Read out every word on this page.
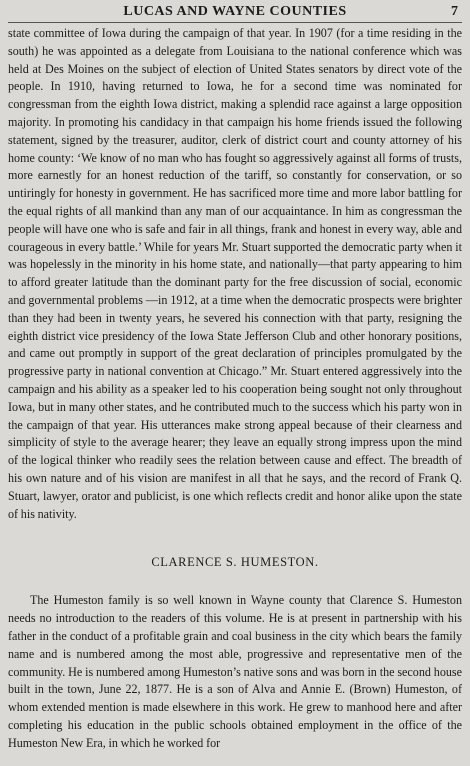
LUCAS AND WAYNE COUNTIES	7

state committee of Iowa during the campaign of that year. In 1907 (for a time residing in the south) he was appointed as a delegate from Louisiana to the national conference which was held at Des Moines on the subject of election of United States senators by direct vote of the people. In 1910, having returned to Iowa, he for a second time was nominated for congressman from the eighth Iowa district, making a splendid race against a large opposition majority. In promoting his candidacy in that campaign his home friends issued the following statement, signed by the treasurer, auditor, clerk of district court and county attorney of his home county: ‘We know of no man who has fought so aggressively against all forms of trusts, more earnestly for an honest reduction of the tariff, so constantly for conservation, or so untiringly for honesty in government. He has sacrificed more time and more labor battling for the equal rights of all mankind than any man of our acquaintance. In him as congressman the people will have one who is safe and fair in all things, frank and honest in every way, able and courageous in every battle.’ While for years Mr. Stuart supported the democratic party when it was hopelessly in the minority in his home state, and nationally—that party appearing to him to afford greater latitude than the dominant party for the free discussion of social, economic and governmental problems —in 1912, at a time when the democratic prospects were brighter than they had been in twenty years, he severed his connection with that party, resigning the eighth district vice presidency of the Iowa State Jefferson Club and other honorary positions, and came out promptly in support of the great declaration of principles promulgated by the progressive party in national convention at Chicago.” Mr. Stuart entered aggressively into the campaign and his ability as a speaker led to his cooperation being sought not only throughout Iowa, but in many other states, and he contributed much to the success which his party won in the campaign of that year. His utterances make strong appeal because of their clearness and simplicity of style to the average hearer; they leave an equally strong impress upon the mind of the logical thinker who readily sees the relation between cause and effect. The breadth of his own nature and of his vision are manifest in all that he says, and the record of Frank Q. Stuart, lawyer, orator and publicist, is one which reflects credit and honor alike upon the state of his nativity.

CLARENCE S. HUMESTON.

The Humeston family is so well known in Wayne county that Clarence S. Humeston needs no introduction to the readers of this volume. He is at present in partnership with his father in the conduct of a profitable grain and coal business in the city which bears the family name and is numbered among the most able, progressive and representative men of the community. He is numbered among Humeston’s native sons and was born in the second house built in the town, June 22, 1877. He is a son of Alva and Annie E. (Brown) Humeston, of whom extended mention is made elsewhere in this work. He grew to manhood here and after completing his education in the public schools obtained employment in the office of the Humeston New Era, in which he worked for
